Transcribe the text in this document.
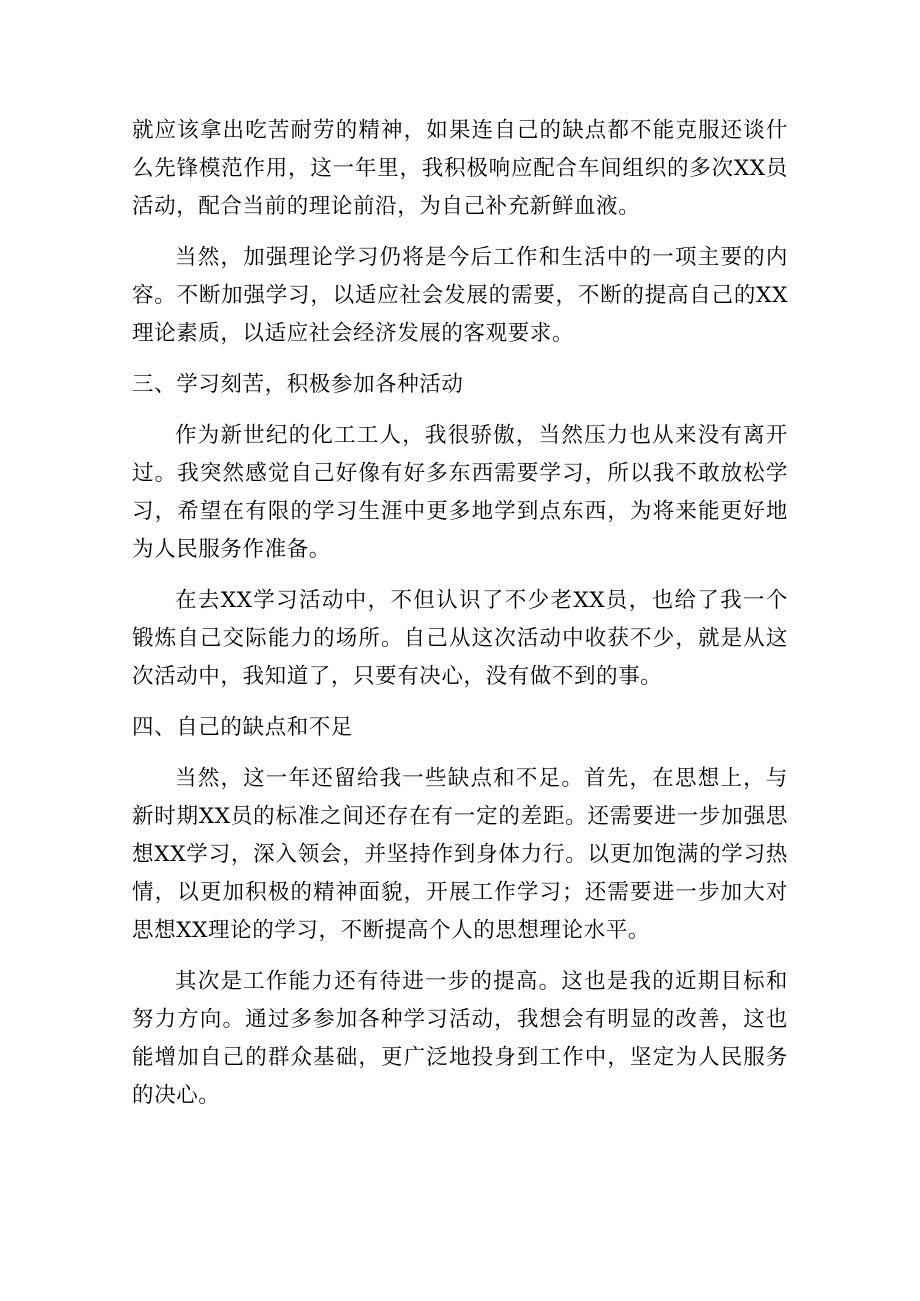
就应该拿出吃苦耐劳的精神，如果连自己的缺点都不能克服还谈什么先锋模范作用，这一年里，我积极响应配合车间组织的多次XX员活动，配合当前的理论前沿，为自己补充新鲜血液。

当然，加强理论学习仍将是今后工作和生活中的一项主要的内容。不断加强学习，以适应社会发展的需要，不断的提高自己的XX理论素质，以适应社会经济发展的客观要求。

三、学习刻苦，积极参加各种活动

作为新世纪的化工工人，我很骄傲，当然压力也从来没有离开过。我突然感觉自己好像有好多东西需要学习，所以我不敢放松学习，希望在有限的学习生涯中更多地学到点东西，为将来能更好地为人民服务作准备。

在去XX学习活动中，不但认识了不少老XX员，也给了我一个锻炼自己交际能力的场所。自己从这次活动中收获不少，就是从这次活动中，我知道了，只要有决心，没有做不到的事。

四、自己的缺点和不足

当然，这一年还留给我一些缺点和不足。首先，在思想上，与新时期XX员的标准之间还存在有一定的差距。还需要进一步加强思想XX学习，深入领会，并坚持作到身体力行。以更加饱满的学习热情，以更加积极的精神面貌，开展工作学习；还需要进一步加大对思想XX理论的学习，不断提高个人的思想理论水平。

其次是工作能力还有待进一步的提高。这也是我的近期目标和努力方向。通过多参加各种学习活动，我想会有明显的改善，这也能增加自己的群众基础，更广泛地投身到工作中，坚定为人民服务的决心。
